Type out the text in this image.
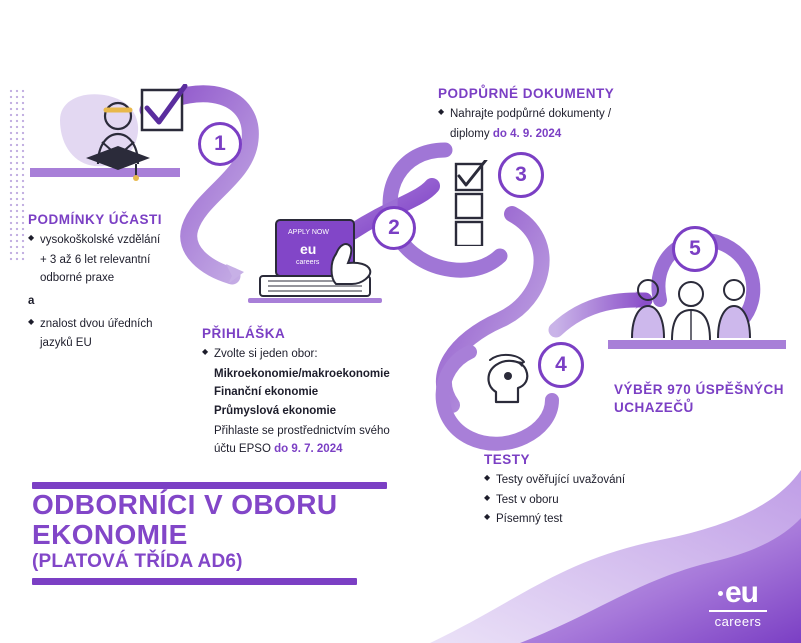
1
PODMÍNKY ÚČASTI
◆ vysokoškolské vzdělání
+ 3 až 6 let relevantní
odborné praxe
a
◆ znalost dvou úředních
jazyků EU
APPLY NOW
eu
careers
2
PŘIHLÁŠKA
◆ Zvolte si jeden obor:
Mikroekonomie/makroekonomie
Finanční ekonomie
Průmyslová ekonomie
Přihlaste se prostřednictvím svého
účtu EPSO do 9. 7. 2024
3
PODPŮRNÉ DOKUMENTY
◆ Nahrajte podpůrné dokumenty /
diplomy do 4. 9. 2024
4
TESTY
◆ Testy ověřující uvažování
◆ Test v oboru
◆ Písemný test
5
VÝBĚR 970 ÚSPĚŠNÝCH
UCHAZEČŮ
ODBORNÍCI V OBORU
EKONOMIE
(PLATOVÁ TŘÍDA AD6)
eu
careers
